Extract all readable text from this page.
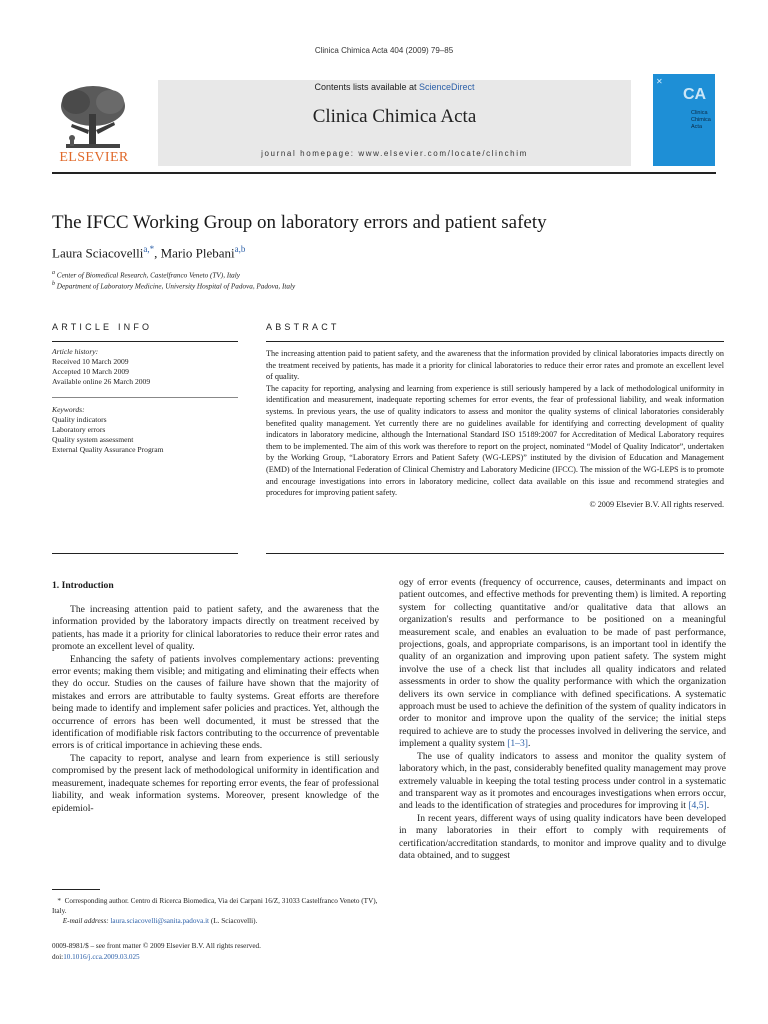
Clinica Chimica Acta 404 (2009) 79–85
ELSEVIER
Contents lists available at ScienceDirect
Clinica Chimica Acta
journal homepage: www.elsevier.com/locate/clinchim
✕
CA
Clinica Chimica Acta
The IFCC Working Group on laboratory errors and patient safety
Laura Sciacovelli$^{a,*}$, Mario Plebani$^{a,b}$
$^a$ Center of Biomedical Research, Castelfranco Veneto (TV), Italy
$^b$ Department of Laboratory Medicine, University Hospital of Padova, Padova, Italy
ARTICLE INFO
Article history:
Received 10 March 2009
Accepted 10 March 2009
Available online 26 March 2009
Keywords:
Quality indicators
Laboratory errors
Quality system assessment
External Quality Assurance Program
ABSTRACT

The increasing attention paid to patient safety, and the awareness that the information provided by clinical laboratories impacts directly on the treatment received by patients, has made it a priority for clinical laboratories to reduce their error rates and promote an excellent level of quality.

The capacity for reporting, analysing and learning from experience is still seriously hampered by a lack of methodological uniformity in identification and measurement, inadequate reporting schemes for error events, the fear of professional liability, and weak information systems. In previous years, the use of quality indicators to assess and monitor the quality systems of clinical laboratories considerably benefited quality management. Yet currently there are no guidelines available for identifying and correcting development of quality indicators in laboratory medicine, although the International Standard ISO 15189:2007 for Accreditation of Medical Laboratory requires them to be implemented. The aim of this work was therefore to report on the project, nominated “Model of Quality Indicator”, undertaken by the Working Group, “Laboratory Errors and Patient Safety (WG-LEPS)” instituted by the division of Education and Management (EMD) of the International Federation of Clinical Chemistry and Laboratory Medicine (IFCC). The mission of the WG-LEPS is to promote and encourage investigations into errors in laboratory medicine, collect data available on this issue and recommend strategies and procedures for improving patient safety.

© 2009 Elsevier B.V. All rights reserved.

1. Introduction

The increasing attention paid to patient safety, and the awareness that the information provided by the laboratory impacts directly on treatment received by patients, has made it a priority for clinical laboratories to reduce their error rates and promote an excellent level of quality.

Enhancing the safety of patients involves complementary actions: preventing error events; making them visible; and mitigating and eliminating their effects when they do occur. Studies on the causes of failure have shown that the majority of mistakes and errors are attributable to faulty systems. Great efforts are therefore being made to identify and implement safer policies and practices. Yet, although the occurrence of errors has been well documented, it must be stressed that the identification of modifiable risk factors contributing to the occurrence of preventable errors is of critical importance in achieving these ends.

The capacity to report, analyse and learn from experience is still seriously compromised by the present lack of methodological uniformity in identification and measurement, inadequate schemes for reporting error events, the fear of professional liability, and weak information systems. Moreover, present knowledge of the epidemiol-

ogy of error events (frequency of occurrence, causes, determinants and impact on patient outcomes, and effective methods for preventing them) is limited. A reporting system for collecting quantitative and/or qualitative data that allows an organization's results and performance to be positioned on a meaningful measurement scale, and enables an evaluation to be made of past performance, projections, goals, and appropriate comparisons, is an important tool in identify the quality of an organization and improving upon patient safety. The system might involve the use of a check list that includes all quality indicators and related assessments in order to show the quality performance with which the organization delivers its own service in compliance with defined specifications. A systematic approach must be used to achieve the definition of the system of quality indicators in order to monitor and improve upon the quality of the service; the initial steps required to achieve are to study the processes involved in delivering the service, and implement a quality system [1–3].

The use of quality indicators to assess and monitor the quality system of laboratory which, in the past, considerably benefited quality management may prove extremely valuable in keeping the total testing process under control in a systematic and transparent way as it promotes and encourages investigations when errors occur, and leads to the identification of strategies and procedures for improving it [4,5].

In recent years, different ways of using quality indicators have been developed in many laboratories in their effort to comply with requirements of certification/accreditation standards, to monitor and improve quality and to divulge data obtained, and to suggest

* Corresponding author. Centro di Ricerca Biomedica, Via dei Carpani 16/Z, 31033 Castelfranco Veneto (TV), Italy.
E-mail address: laura.sciacovelli@sanita.padova.it (L. Sciacovelli).
0009-8981/$ – see front matter © 2009 Elsevier B.V. All rights reserved.
doi:10.1016/j.cca.2009.03.025
